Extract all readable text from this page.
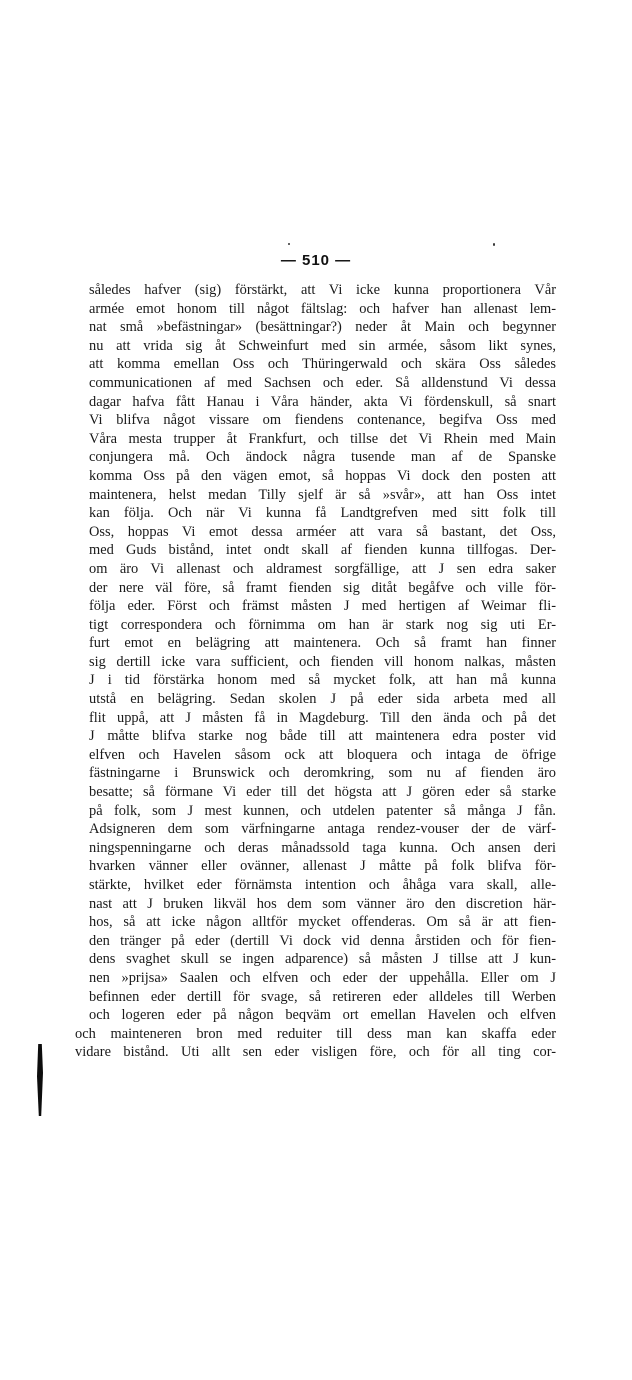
— 510 —
således hafver (sig) förstärkt, att Vi icke kunna proportionera Vår
armée emot honom till något fältslag: och hafver han allenast lem-
nat små »befästningar» (besättningar?) neder åt Main och begynner
nu att vrida sig åt Schweinfurt med sin armée, såsom likt synes,
att komma emellan Oss och Thüringerwald och skära Oss således
communicationen af med Sachsen och eder. Så alldenstund Vi dessa
dagar hafva fått Hanau i Våra händer, akta Vi fördenskull, så snart
Vi blifva något vissare om fiendens contenance, begifva Oss med
Våra mesta trupper åt Frankfurt, och tillse det Vi Rhein med Main
conjungera må. Och ändock några tusende man af de Spanske
komma Oss på den vägen emot, så hoppas Vi dock den posten att
maintenera, helst medan Tilly sjelf är så »svår», att han Oss intet
kan följa. Och när Vi kunna få Landtgrefven med sitt folk till
Oss, hoppas Vi emot dessa arméer att vara så bastant, det Oss,
med Guds bistånd, intet ondt skall af fienden kunna tillfogas. Der-
om äro Vi allenast och aldramest sorgfällige, att J sen edra saker
der nere väl före, så framt fienden sig ditåt begåfve och ville för-
följa eder. Först och främst måsten J med hertigen af Weimar fli-
tigt correspondera och förnimma om han är stark nog sig uti Er-
furt emot en belägring att maintenera. Och så framt han finner
sig dertill icke vara sufficient, och fienden vill honom nalkas, måsten
J i tid förstärka honom med så mycket folk, att han må kunna
utstå en belägring. Sedan skolen J på eder sida arbeta med all
flit uppå, att J måsten få in Magdeburg. Till den ända och på det
J måtte blifva starke nog både till att maintenera edra poster vid
elfven och Havelen såsom ock att bloquera och intaga de öfrige
fästningarne i Brunswick och deromkring, som nu af fienden äro
besatte; så förmane Vi eder till det högsta att J gören eder så starke
på folk, som J mest kunnen, och utdelen patenter så många J fån.
Adsigneren dem som värfningarne antaga rendez-vouser der de värf-
ningspenningarne och deras månadssold taga kunna. Och ansen deri
hvarken vänner eller ovänner, allenast J måtte på folk blifva för-
stärkte, hvilket eder förnämsta intention och åhåga vara skall, alle-
nast att J bruken likväl hos dem som vänner äro den discretion här-
hos, så att icke någon alltför mycket offenderas. Om så är att fien-
den tränger på eder (dertill Vi dock vid denna årstiden och för fien-
dens svaghet skull se ingen adparence) så måsten J tillse att J kun-
nen »prijsa» Saalen och elfven och eder der uppehålla. Eller om J
befinnen eder dertill för svage, så retireren eder alldeles till Werben
och logeren eder på någon beqväm ort emellan Havelen och elfven
och mainteneren bron med reduiter till dess man kan skaffa eder
vidare bistånd. Uti allt sen eder visligen före, och för all ting cor-
